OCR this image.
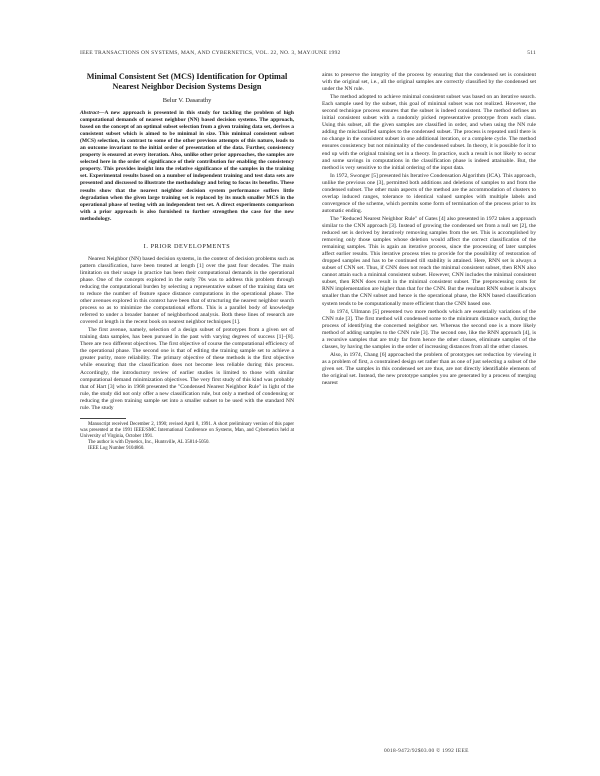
IEEE TRANSACTIONS ON SYSTEMS, MAN, AND CYBERNETICS, VOL. 22, NO. 3, MAY/JUNE 1992	511
Minimal Consistent Set (MCS) Identification for Optimal Nearest Neighbor Decision Systems Design
Belur V. Dasarathy

Abstract—A new approach is presented in this study for tackling the problem of high computational demands of nearest neighbor (NN) based decision systems. The approach, based on the concept of an optimal subset selection from a given training data set, derives a consistent subset which is aimed to be minimal in size. This minimal consistent subset (MCS) selection, in contrast to some of the other previous attempts of this nature, leads to an outcome invariant to the initial order of presentation of the data. Further, consistency property is ensured at every iteration. Also, unlike other prior approaches, the samples are selected here in the order of significance of their contribution for enabling the consistency property. This provides insight into the relative significance of the samples in the training set. Experimental results based on a number of independent training and test data sets are presented and discussed to illustrate the methodology and bring to focus its benefits. These results show that the nearest neighbor decision system performance suffers little degradation when the given large training set is replaced by its much smaller MCS in the operational phase of testing with an independent test set. A direct experiments comparison with a prior approach is also furnished to further strengthen the case for the new methodology.

I. PRIOR DEVELOPMENTS

Nearest Neighbor (NN) based decision systems, in the context of decision problems such as pattern classification, have been treated at length [1] over the past four decades. The main limitation on their usage in practice has been their computational demands in the operational phase. One of the concepts explored in the early 70s was to address this problem through reducing the computational burden by selecting a representative subset of the training data set to reduce the number of feature space distance computations in the operational phase. The other avenues explored in this context have been that of structuring the nearest neighbor search process so as to minimize the computational efforts. This is a parallel body of knowledge referred to under a broader banner of neighborhood analysis. Both these lines of research are covered at length in the recent book on nearest neighbor techniques [1].

The first avenue, namely, selection of a design subset of prototypes from a given set of training data samples, has been pursued in the past with varying degrees of success [1]–[8]. There are two different objectives. The first objective of course the computational efficiency of the operational phase. The second one is that of editing the training sample set to achieve a greater purity, more reliability. The primary objective of these methods is the first objective while ensuring that the classification does not become less reliable during this process. Accordingly, the introductory review of earlier studies is limited to those with similar computational demand minimization objectives. The very first study of this kind was probably that of Hart [3] who in 1968 presented the "Condensed Nearest Neighbor Rule" in light of the rule, the study did not only offer a new classification rule, but only a method of condensing or reducing the given training sample set into a smaller subset to be used with the standard NN rule. The study

Manuscript received December 2, 1990; revised April 8, 1991. A short preliminary version of this paper was presented at the 1991 IEEE/SMC International Conference on Systems, Man, and Cybernetics held at University of Virginia, October 1991.

The author is with Dynetics, Inc., Huntsville, AL 35814-5050.

IEEE Log Number 9104860.

aims to preserve the integrity of the process by ensuring that the condensed set is consistent with the original set, i.e., all the original samples are correctly classified by the condensed set under the NN rule.

The method adopted to achieve minimal consistent subset was based on an iterative search. Each sample used by the subset, this goal of minimal subset was not realized. However, the second technique process ensures that the subset is indeed consistent. The method defines an initial consistent subset with a randomly picked representative prototype from each class. Using this subset, all the given samples are classified in order, and when using the NN rule adding the misclassified samples to the condensed subset. The process is repeated until there is no change in the consistent subset in one additional iteration, or a complete cycle. The method ensures consistency but not minimality of the condensed subset. In theory, it is possible for it to end up with the original training set in a theory. In practice, such a result is not likely to occur and some savings in computations in the classification phase is indeed attainable. But, the method is very sensitive to the initial ordering of the input data.

In 1972, Swonger [5] presented his Iterative Condensation Algorithm (ICA). This approach, unlike the previous one [3], permitted both additions and deletions of samples to and from the condensed subset. The other main aspects of the method are the accommodation of clusters to overlap induced ranges, tolerance to identical valued samples with multiple labels and convergence of the scheme, which permits some form of termination of the process prior to its automatic ending.

The "Reduced Nearest Neighbor Rule" of Gates [4] also presented in 1972 takes a approach similar to the CNN approach [3]. Instead of growing the condensed set from a null set [2], the reduced set is derived by iteratively removing samples from the set. This is accomplished by removing only those samples whose deletion would affect the correct classification of the remaining samples. This is again an iterative process, since the processing of later samples affect earlier results. This iterative process tries to provide for the possibility of restoration of dropped samples and has to be continued till stability is attained. Here, RNN set is always a subset of CNN set. Thus, if CNN does not reach the minimal consistent subset, then RNN also cannot attain such a minimal consistent subset. However, CNN includes the minimal consistent subset, then RNN does result in the minimal consistent subset. The preprocessing costs for RNN implementation are higher than that for the CNN. But the resultant RNN subset is always smaller than the CNN subset and hence is the operational phase, the RNN based classification system tends to be computationally more efficient than the CNN based one.

In 1974, Ullmann [5] presented two more methods which are essentially variations of the CNN rule [3]. The first method will condensed some to the minimum distance each, during the process of identifying the concerned neighbor set. Whereas the second one is a more likely method of adding samples to the CNN rule [3]. The second one, like the RNN approach [4], is a recursive samples that are truly far from hence the other classes, eliminate samples of the classes, by having the samples in the order of increasing distances from all the other classes.

Also, in 1974, Chang [6] approached the problem of prototypes set reduction by viewing it as a problem of first, a constrained design set rather than as one of just selecting a subset of the given set. The samples in this condensed set are thus, are not directly identifiable elements of the original set. Instead, the new prototype samples you are generated by a process of merging nearest

0018-9472/92$03.00 © 1992 IEEE
